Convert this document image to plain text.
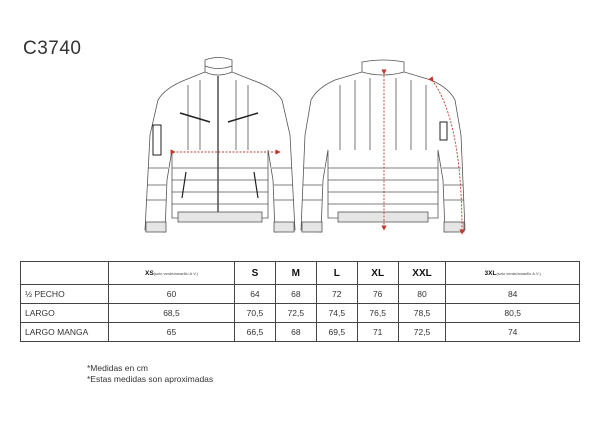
C3740
	XS(solo verde/amarillo A.V.)	S	M	L	XL	XXL	3XL(solo verde/amarillo A.V.)
½ PECHO	60	64	68	72	76	80	84
LARGO	68,5	70,5	72,5	74,5	76,5	78,5	80,5
LARGO MANGA	65	66,5	68	69,5	71	72,5	74
*Medidas en cm
*Estas medidas son aproximadas
